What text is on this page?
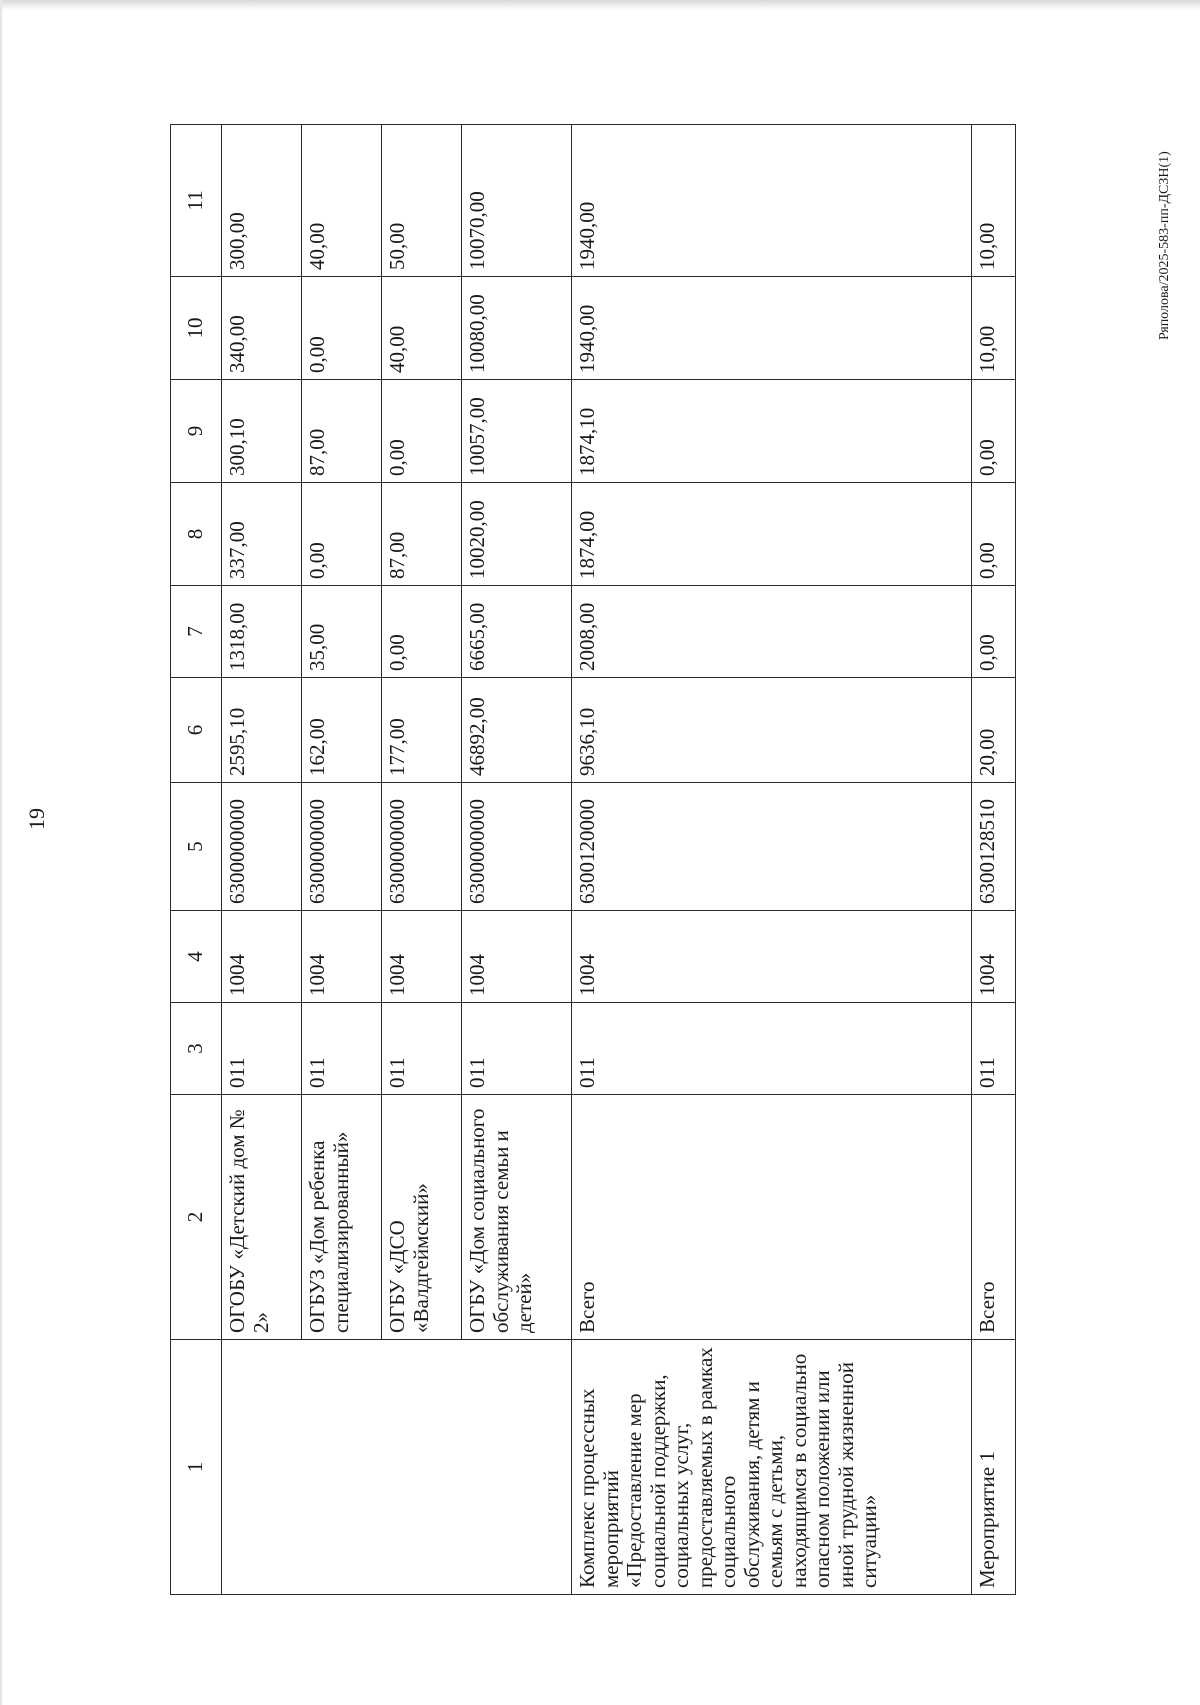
19
Ряполова/2025-583-пп-ДСЗН(1)
1	2	3	4	5	6	7	8	9	10	11
	ОГОБУ «Детский дом № 2»	011	1004	6300000000	2595,10	1318,00	337,00	300,10	340,00	300,00
	ОГБУЗ «Дом ребенка специализированный»	011	1004	6300000000	162,00	35,00	0,00	87,00	0,00	40,00
	ОГБУ «ДСО «Валдгеймский»	011	1004	6300000000	177,00	0,00	87,00	0,00	40,00	50,00
	ОГБУ «Дом социального обслуживания семьи и детей»	011	1004	6300000000	46892,00	6665,00	10020,00	10057,00	10080,00	10070,00
Комплекс процессных мероприятий «Предоставление мер социальной поддержки, социальных услуг, предоставляемых в рамках социального обслуживания, детям и семьям с детьми, находящимся в социально опасном положении или иной трудной жизненной ситуации»	Всего	011	1004	6300120000	9636,10	2008,00	1874,00	1874,10	1940,00	1940,00
Мероприятие 1	Всего	011	1004	6300128510	20,00	0,00	0,00	0,00	10,00	10,00
